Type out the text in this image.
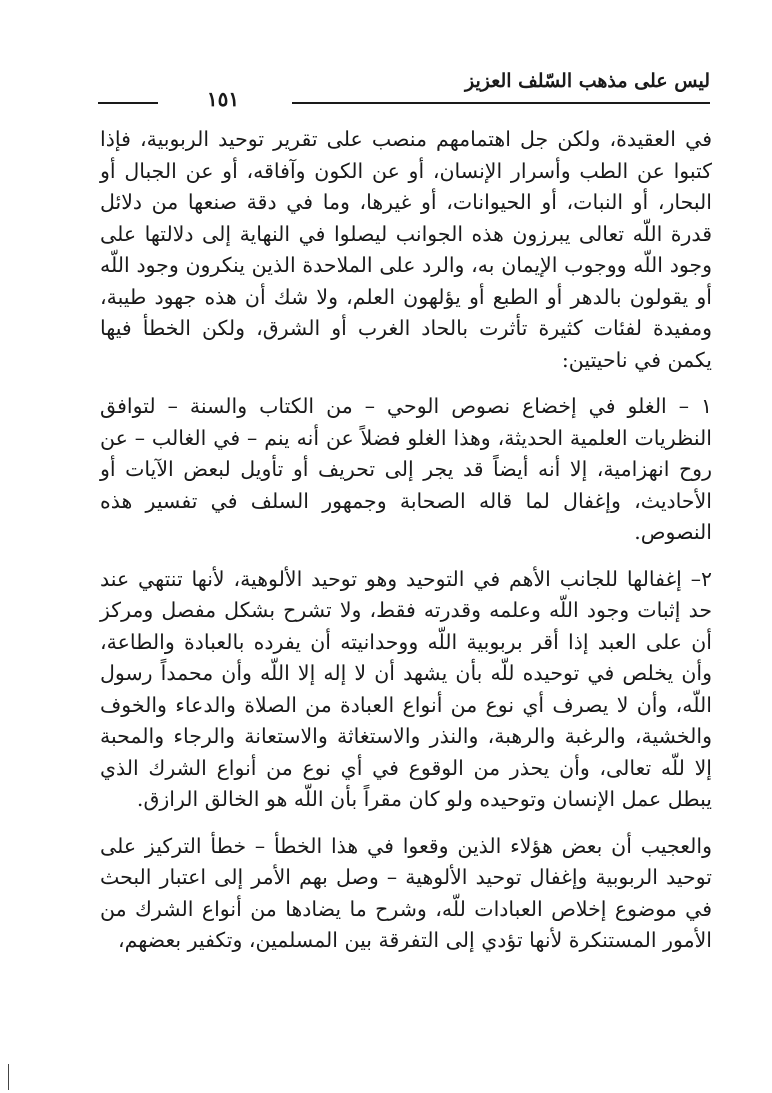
ليس على مذهب السّلف العزيز
١٥١

في العقيدة، ولكن جل اهتمامهم منصب على تقرير توحيد الربوبية، فإذا كتبوا عن الطب وأسرار الإنسان، أو عن الكون وآفاقه، أو عن الجبال أو البحار، أو النبات، أو الحيوانات، أو غيرها، وما في دقة صنعها من دلائل قدرة اللّه تعالى يبرزون هذه الجوانب ليصلوا في النهاية إلى دلالتها على وجود اللّه ووجوب الإيمان به، والرد على الملاحدة الذين ينكرون وجود اللّه أو يقولون بالدهر أو الطبع أو يؤلهون العلم، ولا شك أن هذه جهود طيبة، ومفيدة لفئات كثيرة تأثرت بالحاد الغرب أو الشرق، ولكن الخطأ فيها يكمن في ناحيتين:

١ – الغلو في إخضاع نصوص الوحي – من الكتاب والسنة – لتوافق النظريات العلمية الحديثة، وهذا الغلو فضلاً عن أنه ينم – في الغالب – عن روح انهزامية، إلا أنه أيضاً قد يجر إلى تحريف أو تأويل لبعض الآيات أو الأحاديث، وإغفال لما قاله الصحابة وجمهور السلف في تفسير هذه النصوص.

٢– إغفالها للجانب الأهم في التوحيد وهو توحيد الألوهية، لأنها تنتهي عند حد إثبات وجود اللّه وعلمه وقدرته فقط، ولا تشرح بشكل مفصل ومركز أن على العبد إذا أقر بربوبية اللّه ووحدانيته أن يفرده بالعبادة والطاعة، وأن يخلص في توحيده للّه بأن يشهد أن لا إله إلا اللّه وأن محمداً رسول اللّه، وأن لا يصرف أي نوع من أنواع العبادة من الصلاة والدعاء والخوف والخشية، والرغبة والرهبة، والنذر والاستغاثة والاستعانة والرجاء والمحبة إلا للّه تعالى، وأن يحذر من الوقوع في أي نوع من أنواع الشرك الذي يبطل عمل الإنسان وتوحيده ولو كان مقراً بأن اللّه هو الخالق الرازق.

والعجيب أن بعض هؤلاء الذين وقعوا في هذا الخطأ – خطأ التركيز على توحيد الربوبية وإغفال توحيد الألوهية – وصل بهم الأمر إلى اعتبار البحث في موضوع إخلاص العبادات للّه، وشرح ما يضادها من أنواع الشرك من الأمور المستنكرة لأنها تؤدي إلى التفرقة بين المسلمين، وتكفير بعضهم،
